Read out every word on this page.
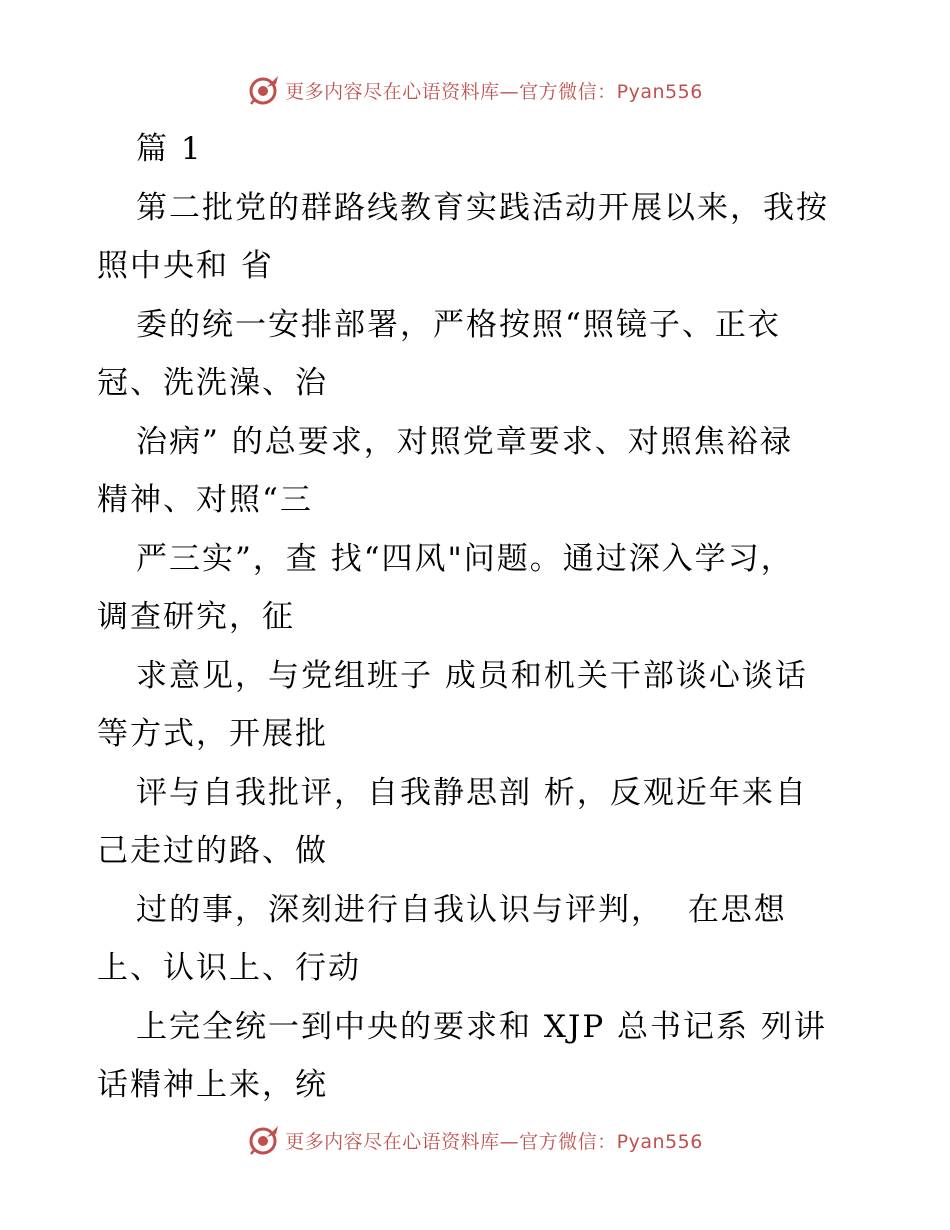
更多内容尽在心语资料库—官方微信：Pyan556
篇 1
第二批党的群路线教育实践活动开展以来，我按
照中央和 省
委的统一安排部署，严格按照“照镜子、正衣
冠、洗洗澡、治
治病” 的总要求，对照党章要求、对照焦裕禄
精神、对照“三
严三实”，查 找“四风"问题。通过深入学习，
调查研究，征
求意见，与党组班子 成员和机关干部谈心谈话
等方式，开展批
评与自我批评，自我静思剖 析，反观近年来自
己走过的路、做
过的事，深刻进行自我认识与评判，  在思想
上、认识上、行动
上完全统一到中央的要求和 XJP 总书记系 列讲
话精神上来，统
更多内容尽在心语资料库—官方微信：Pyan556
